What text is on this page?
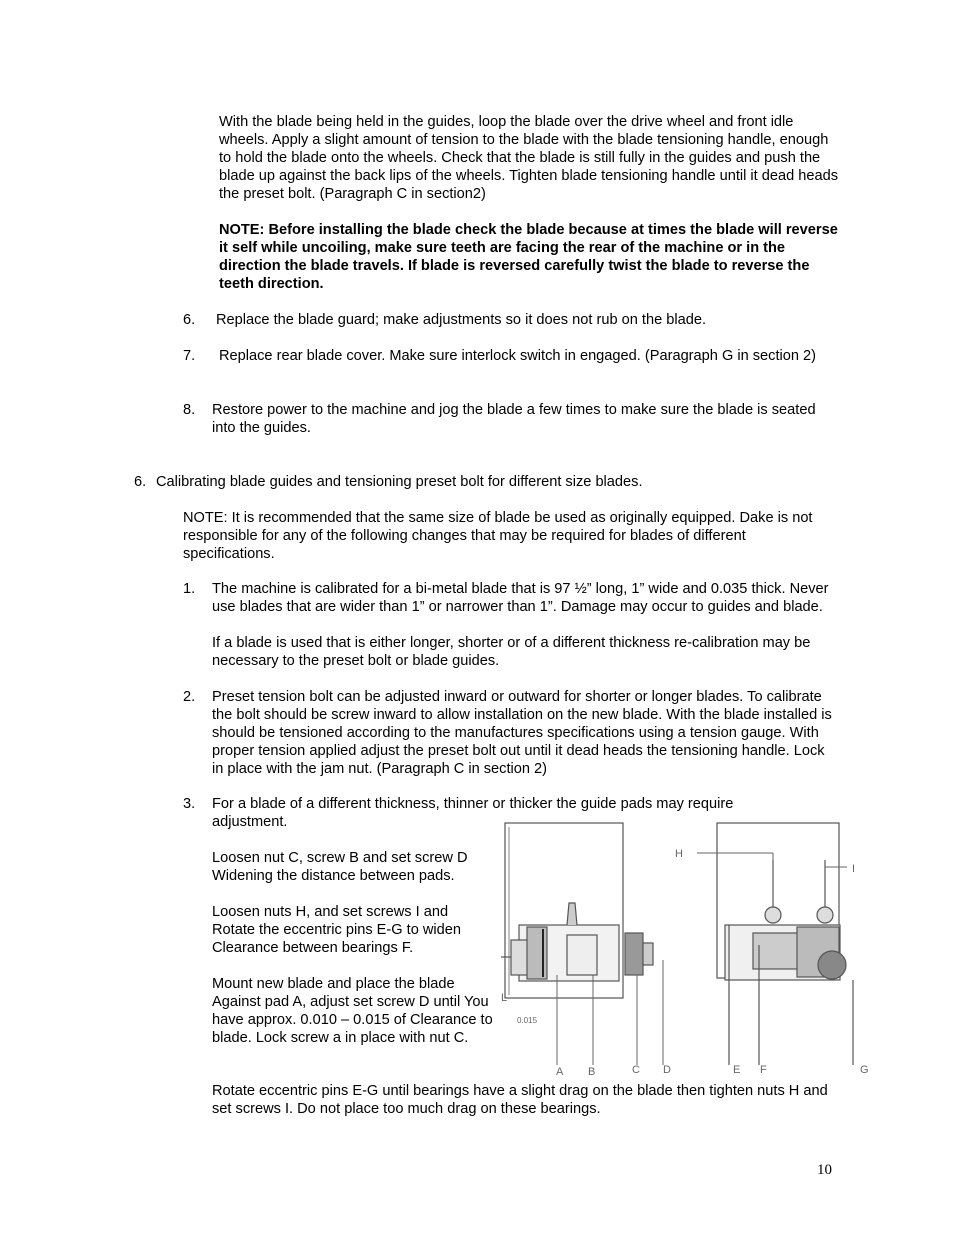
With the blade being held in the guides, loop the blade over the drive wheel and front idle wheels. Apply a slight amount of tension to the blade with the blade tensioning handle, enough to hold the blade onto the wheels. Check that the blade is still fully in the guides and push the blade up against the back lips of the wheels. Tighten blade tensioning handle until it dead heads the preset bolt. (Paragraph C in section2)

NOTE: Before installing the blade check the blade because at times the blade will reverse it self while uncoiling, make sure teeth are facing the rear of the machine or in the direction the blade travels. If blade is reversed carefully twist the blade to reverse the teeth direction.

6. Replace the blade guard; make adjustments so it does not rub on the blade.

7. Replace rear blade cover. Make sure interlock switch in engaged. (Paragraph G in section 2)

8. Restore power to the machine and jog the blade a few times to make sure the blade is seated into the guides.

6. Calibrating blade guides and tensioning preset bolt for different size blades.

NOTE: It is recommended that the same size of blade be used as originally equipped. Dake is not responsible for any of the following changes that may be required for blades of different specifications.

1. The machine is calibrated for a bi-metal blade that is 97 ½” long, 1” wide and 0.035 thick. Never use blades that are wider than 1” or narrower than 1”. Damage may occur to guides and blade.

If a blade is used that is either longer, shorter or of a different thickness re-calibration may be necessary to the preset bolt or blade guides.

2. Preset tension bolt can be adjusted inward or outward for shorter or longer blades. To calibrate the bolt should be screw inward to allow installation on the new blade. With the blade installed is should be tensioned according to the manufactures specifications using a tension gauge. With proper tension applied adjust the preset bolt out until it dead heads the tensioning handle. Lock in place with the jam nut. (Paragraph C in section 2)

3. For a blade of a different thickness, thinner or thicker the guide pads may require adjustment.

Loosen nut C, screw B and set screw D Widening the distance between pads.

Loosen nuts H, and set screws I and Rotate the eccentric pins E-G to widen Clearance between bearings F.

Mount new blade and place the blade Against pad A, adjust set screw D until You have approx. 0.010 – 0.015 of Clearance to blade. Lock screw a in place with nut C.

Rotate eccentric pins E-G until bearings have a slight drag on the blade then tighten nuts H and set screws I. Do not place too much drag on these bearings.

L
0.015
A B	C D
H
I
E F	G
10
